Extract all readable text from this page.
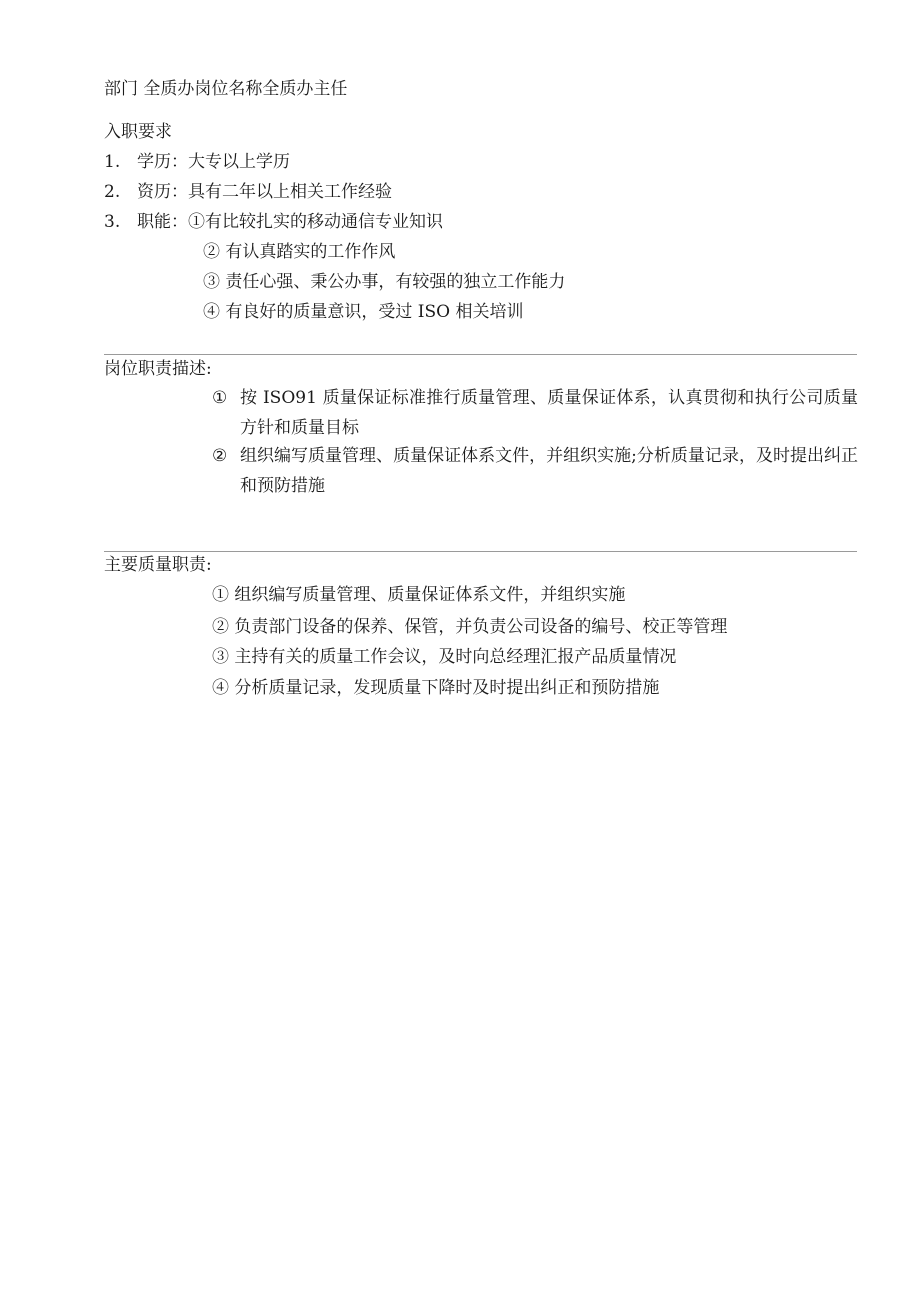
部门 全质办岗位名称全质办主任
入职要求
1. 学历：大专以上学历
2. 资历：具有二年以上相关工作经验
3. 职能：①有比较扎实的移动通信专业知识
② 有认真踏实的工作作风
③ 责任心强、秉公办事，有较强的独立工作能力
④ 有良好的质量意识，受过 ISO 相关培训
岗位职责描述:
① 按 ISO91 质量保证标准推行质量管理、质量保证体系，认真贯彻和执行公司质量方针和质量目标
② 组织编写质量管理、质量保证体系文件，并组织实施;分析质量记录，及时提出纠正和预防措施
主要质量职责:
① 组织编写质量管理、质量保证体系文件，并组织实施
② 负责部门设备的保养、保管，并负责公司设备的编号、校正等管理
③ 主持有关的质量工作会议，及时向总经理汇报产品质量情况
④ 分析质量记录，发现质量下降时及时提出纠正和预防措施
